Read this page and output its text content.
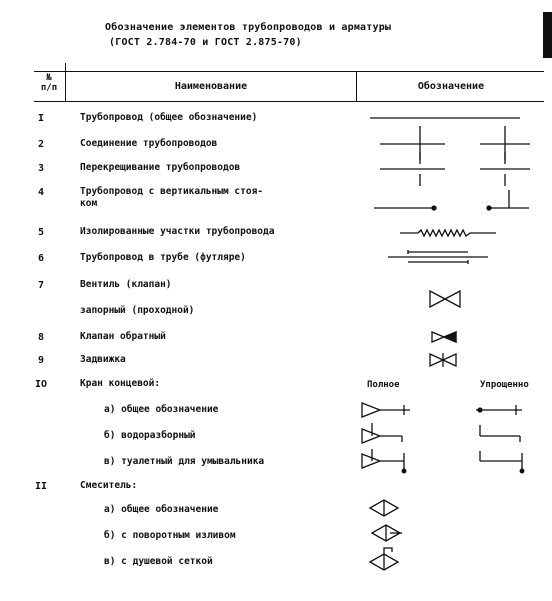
Обозначение элементов трубопроводов и арматуры
(ГОСТ 2.784-70 и ГОСТ 2.875-70)
№
п/п	Наименование	Обозначение
I	Трубопровод (общее обозначение)
2	Соединение трубопроводов
3	Перекрещивание трубопроводов
4	Трубопровод с вертикальным стоя-
ком
5	Изолированные участки трубопровода
6	Трубопровод в трубе (футляре)
7	Вентиль (клапан)
запорный (проходной)
8	Клапан обратный
9	Задвижка
IO	Кран концевой:	Полное	Упрощенно
а) общее обозначение
б) водоразборный
в) туалетный для умывальника
II	Смеситель:
а) общее обозначение
б) с поворотным изливом
в) с душевой сеткой
